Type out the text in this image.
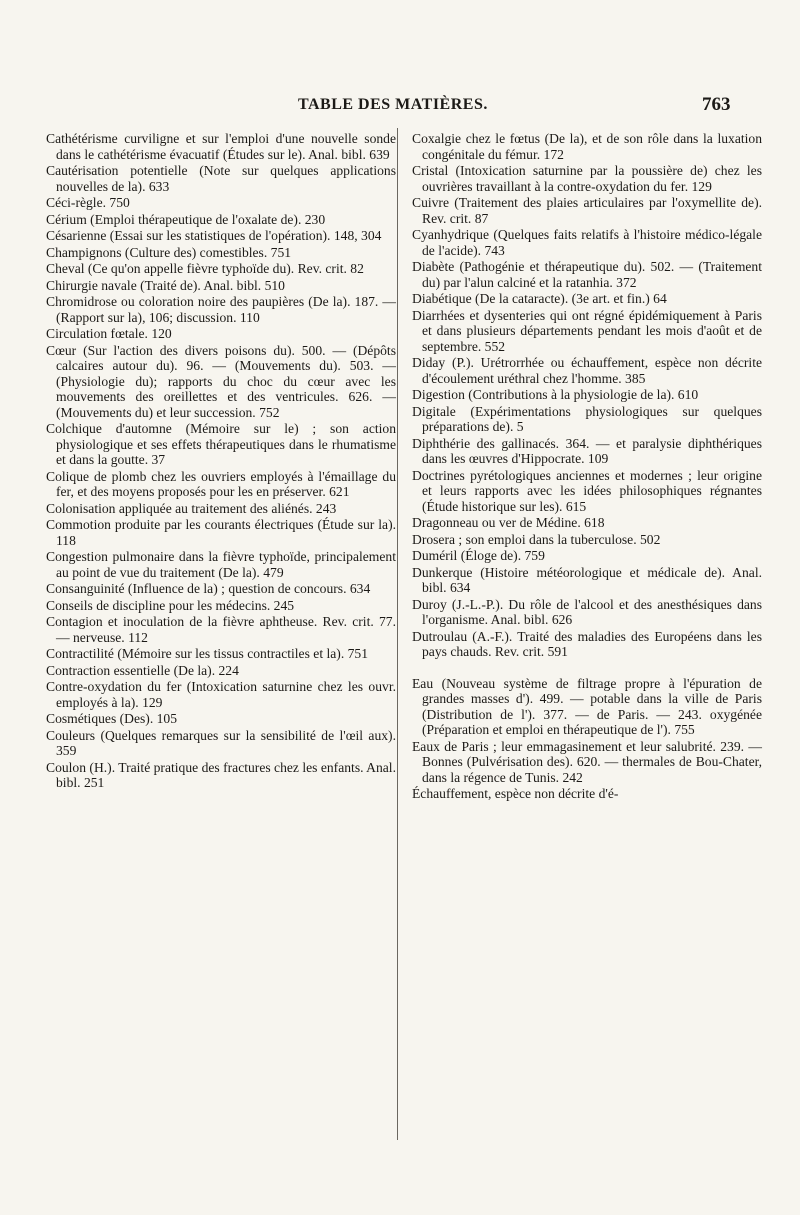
TABLE DES MATIÈRES.	763

Cathétérisme curviligne et sur l'emploi d'une nouvelle sonde dans le cathétérisme évacuatif (Études sur le). Anal. bibl. 639

Cautérisation potentielle (Note sur quelques applications nouvelles de la). 633

Céci-règle. 750

Cérium (Emploi thérapeutique de l'oxalate de). 230

Césarienne (Essai sur les statistiques de l'opération). 148, 304

Champignons (Culture des) comestibles. 751

Cheval (Ce qu'on appelle fièvre typhoïde du). Rev. crit. 82

Chirurgie navale (Traité de). Anal. bibl. 510

Chromidrose ou coloration noire des paupières (De la). 187. — (Rapport sur la), 106; discussion. 110

Circulation fœtale. 120

Cœur (Sur l'action des divers poisons du). 500. — (Dépôts calcaires autour du). 96. — (Mouvements du). 503. — (Physiologie du); rapports du choc du cœur avec les mouvements des oreillettes et des ventricules. 626. — (Mouvements du) et leur succession. 752

Colchique d'automne (Mémoire sur le) ; son action physiologique et ses effets thérapeutiques dans le rhumatisme et dans la goutte. 37

Colique de plomb chez les ouvriers employés à l'émaillage du fer, et des moyens proposés pour les en préserver. 621

Colonisation appliquée au traitement des aliénés. 243

Commotion produite par les courants électriques (Étude sur la). 118

Congestion pulmonaire dans la fièvre typhoïde, principalement au point de vue du traitement (De la). 479

Consanguinité (Influence de la) ; question de concours. 634

Conseils de discipline pour les médecins. 245

Contagion et inoculation de la fièvre aphtheuse. Rev. crit. 77. — nerveuse. 112

Contractilité (Mémoire sur les tissus contractiles et la). 751

Contraction essentielle (De la). 224

Contre-oxydation du fer (Intoxication saturnine chez les ouvr. employés à la). 129

Cosmétiques (Des). 105

Couleurs (Quelques remarques sur la sensibilité de l'œil aux). 359

Coulon (H.). Traité pratique des fractures chez les enfants. Anal. bibl. 251

Coxalgie chez le fœtus (De la), et de son rôle dans la luxation congénitale du fémur. 172

Cristal (Intoxication saturnine par la poussière de) chez les ouvrières travaillant à la contre-oxydation du fer. 129

Cuivre (Traitement des plaies articulaires par l'oxymellite de). Rev. crit. 87

Cyanhydrique (Quelques faits relatifs à l'histoire médico-légale de l'acide). 743

Diabète (Pathogénie et thérapeutique du). 502. — (Traitement du) par l'alun calciné et la ratanhia. 372

Diabétique (De la cataracte). (3e art. et fin.) 64

Diarrhées et dysenteries qui ont régné épidémiquement à Paris et dans plusieurs départements pendant les mois d'août et de septembre. 552

Diday (P.). Urétrorrhée ou échauffement, espèce non décrite d'écoulement uréthral chez l'homme. 385

Digestion (Contributions à la physiologie de la). 610

Digitale (Expérimentations physiologiques sur quelques préparations de). 5

Diphthérie des gallinacés. 364. — et paralysie diphthériques dans les œuvres d'Hippocrate. 109

Doctrines pyrétologiques anciennes et modernes ; leur origine et leurs rapports avec les idées philosophiques régnantes (Étude historique sur les). 615

Dragonneau ou ver de Médine. 618

Drosera ; son emploi dans la tuberculose. 502

Duméril (Éloge de). 759

Dunkerque (Histoire météorologique et médicale de). Anal. bibl. 634

Duroy (J.-L.-P.). Du rôle de l'alcool et des anesthésiques dans l'organisme. Anal. bibl. 626

Dutroulau (A.-F.). Traité des maladies des Européens dans les pays chauds. Rev. crit. 591

Eau (Nouveau système de filtrage propre à l'épuration de grandes masses d'). 499. — potable dans la ville de Paris (Distribution de l'). 377. — de Paris. — 243. oxygénée (Préparation et emploi en thérapeutique de l'). 755

Eaux de Paris ; leur emmagasinement et leur salubrité. 239. — Bonnes (Pulvérisation des). 620. — thermales de Bou-Chater, dans la régence de Tunis. 242

Échauffement, espèce non décrite d'é-
